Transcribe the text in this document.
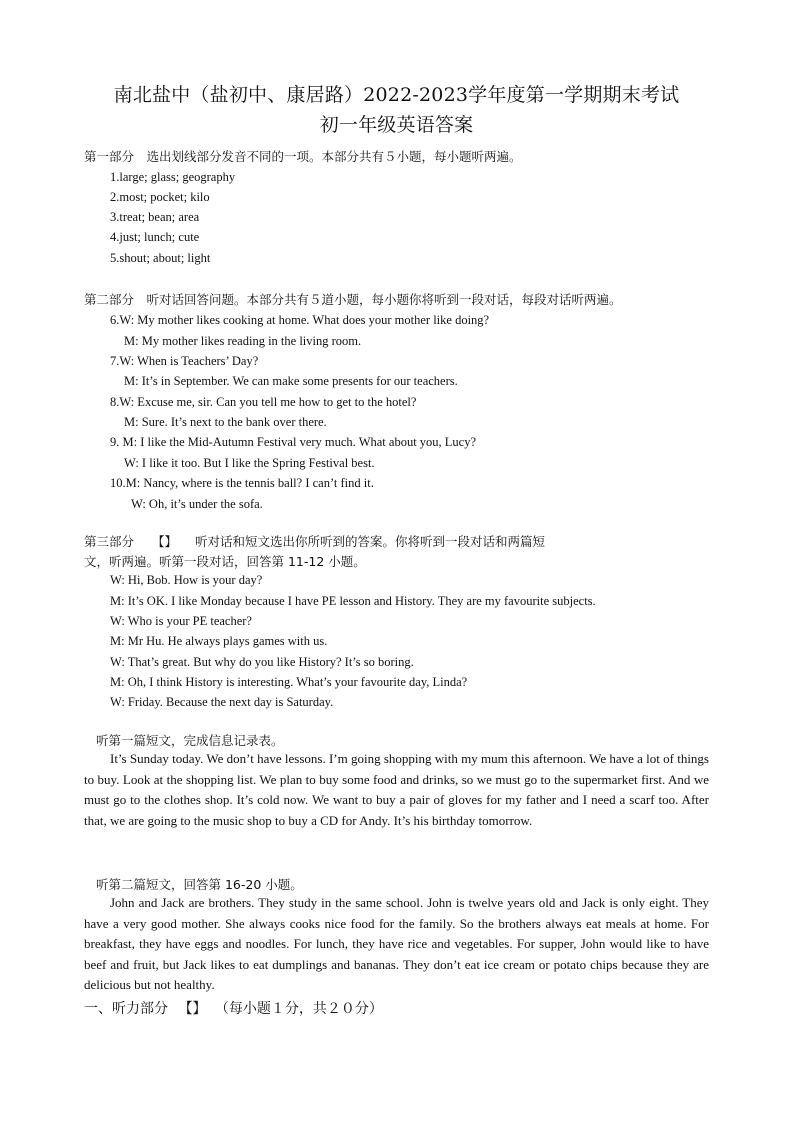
南北盐中（盐初中、康居路）2022-2023学年度第一学期期末考试
初一年级英语答案
第一部分　选出划线部分发音不同的一项。本部分共有５小题，每小题听两遍。
1.large; glass; geography
2.most; pocket; kilo
3.treat; bean; area
4.just; lunch; cute
5.shout; about; light
第二部分　听对话回答问题。本部分共有５道小题，每小题你将听到一段对话，每段对话听两遍。
6.W: My mother likes cooking at home. What does your mother like doing?
M: My mother likes reading in the living room.
7.W: When is Teachers’ Day?
M: It’s in September. We can make some presents for our teachers.
8.W: Excuse me, sir. Can you tell me how to get to the hotel?
M: Sure. It’s next to the bank over there.
9. M: I like the Mid-Autumn Festival very much. What about you, Lucy?
W: I like it too. But I like the Spring Festival best.
10.M: Nancy, where is the tennis ball? I can’t find it.
W: Oh, it’s under the sofa.
第三部分 【】 听对话和短文选出你所听到的答案。你将听到一段对话和两篇短
文，听两遍。听第一段对话，回答第 11-12 小题。
W: Hi, Bob. How is your day?
M: It’s OK. I like Monday because I have PE lesson and History. They are my favourite subjects.
W: Who is your PE teacher?
M: Mr Hu. He always plays games with us.
W: That’s great. But why do you like History? It’s so boring.
M: Oh, I think History is interesting. What’s your favourite day, Linda?
W: Friday. Because the next day is Saturday.
听第一篇短文，完成信息记录表。
It’s Sunday today. We don’t have lessons. I’m going shopping with my mum this afternoon. We have a lot of things to buy. Look at the shopping list. We plan to buy some food and drinks, so we must go to the supermarket first. And we must go to the clothes shop. It’s cold now. We want to buy a pair of gloves for my father and I need a scarf too. After that, we are going to the music shop to buy a CD for Andy. It’s his birthday tomorrow.
听第二篇短文，回答第 16-20 小题。
John and Jack are brothers. They study in the same school. John is twelve years old and Jack is only eight. They have a very good mother. She always cooks nice food for the family. So the brothers always eat meals at home. For breakfast, they have eggs and noodles. For lunch, they have rice and vegetables. For supper, John would like to have beef and fruit, but Jack likes to eat dumplings and bananas. They don’t eat ice cream or potato chips because they are delicious but not healthy.
一、听力部分 【】 （每小题１分，共２０分）
